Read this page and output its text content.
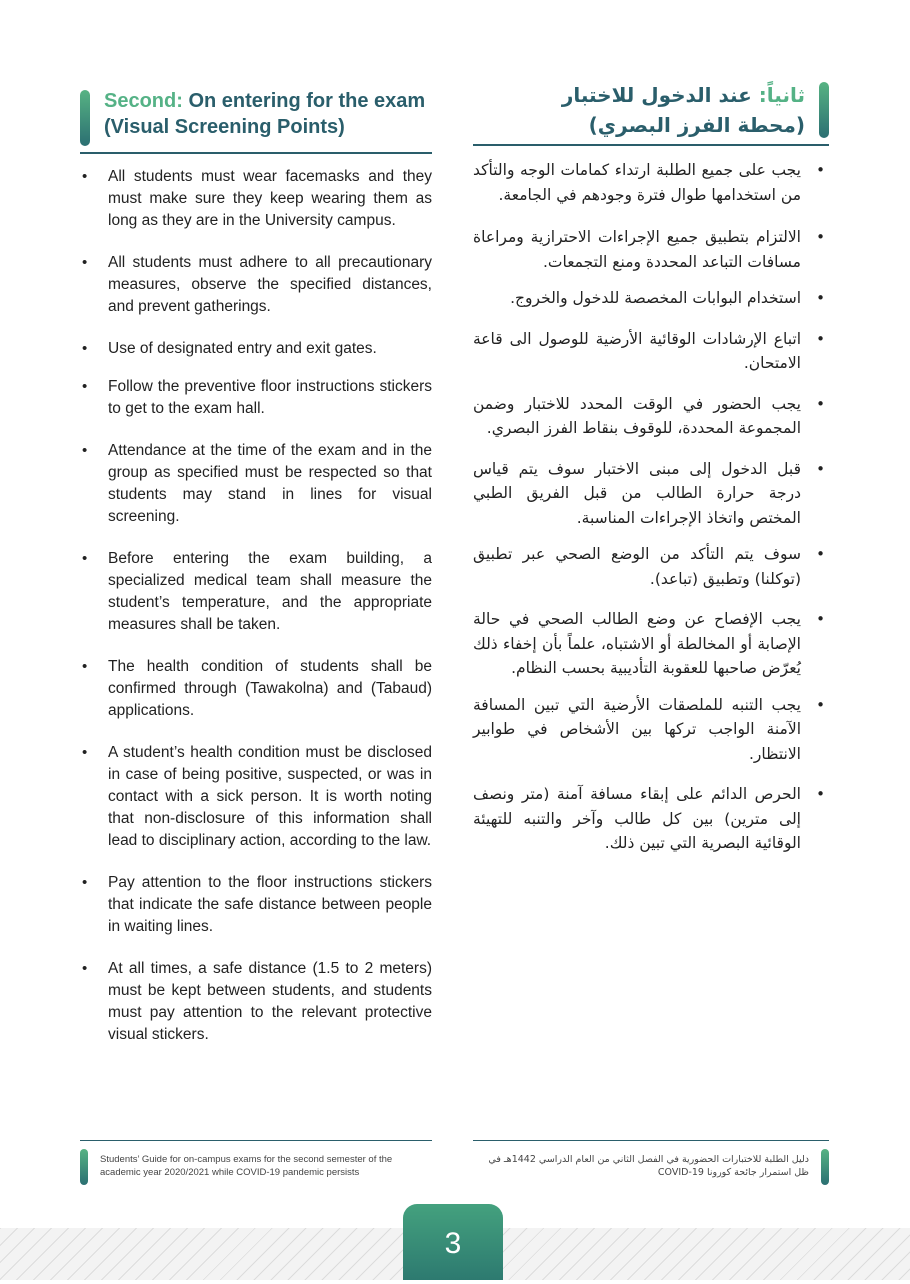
Second: On entering for the exam (Visual Screening Points)
• All students must wear facemasks and they must make sure they keep wearing them as long as they are in the University campus.
• All students must adhere to all precautionary measures, observe the specified distances, and prevent gatherings.
• Use of designated entry and exit gates.
• Follow the preventive floor instructions stickers to get to the exam hall.
• Attendance at the time of the exam and in the group as specified must be respected so that students may stand in lines for visual screening.
• Before entering the exam building, a specialized medical team shall measure the student’s temperature, and the appropriate measures shall be taken.
• The health condition of students shall be confirmed through (Tawakolna) and (Tabaud) applications.
• A student’s health condition must be disclosed in case of being positive, suspected, or was in contact with a sick person. It is worth noting that non-disclosure of this information shall lead to disciplinary action, according to the law.
• Pay attention to the floor instructions stickers that indicate the safe distance between people in waiting lines.
• At all times, a safe distance (1.5 to 2 meters) must be kept between students, and students must pay attention to the relevant protective visual stickers.
ثانياً: عند الدخول للاختبار
(محطة الفرز البصري)
•
يجب على جميع الطلبة ارتداء كمامات الوجه والتأكد من استخدامها طوال فترة وجودهم في الجامعة.
•
الالتزام بتطبيق جميع الإجراءات الاحترازية ومراعاة مسافات التباعد المحددة ومنع التجمعات.
•
استخدام البوابات المخصصة للدخول والخروج.
•
اتباع الإرشادات الوقائية الأرضية للوصول الى قاعة الامتحان.
•
يجب الحضور في الوقت المحدد للاختبار وضمن المجموعة المحددة، للوقوف بنقاط الفرز البصري.
•
قبل الدخول إلى مبنى الاختبار سوف يتم قياس درجة حرارة الطالب من قبل الفريق الطبي المختص واتخاذ الإجراءات المناسبة.
•
سوف يتم التأكد من الوضع الصحي عبر تطبيق (توكلنا) وتطبيق (تباعد).
•
يجب الإفصاح عن وضع الطالب الصحي في حالة الإصابة أو المخالطة أو الاشتباه، علماً بأن إخفاء ذلك يُعرّض صاحبها للعقوبة التأديبية بحسب النظام.
•
يجب التنبه للملصقات الأرضية التي تبين المسافة الآمنة الواجب تركها بين الأشخاص في طوابير الانتظار.
•
الحرص الدائم على إبقاء مسافة آمنة (متر ونصف إلى مترين) بين كل طالب وآخر والتنبه للتهيئة الوقائية البصرية التي تبين ذلك.
Students’ Guide for on-campus exams for the second semester of the academic year 2020/2021 while COVID-19 pandemic persists
دليل الطلبة للاختبارات الحضورية في الفصل الثاني من العام الدراسي 1442هـ في ظل استمرار جائحة كورونا COVID-19
3
